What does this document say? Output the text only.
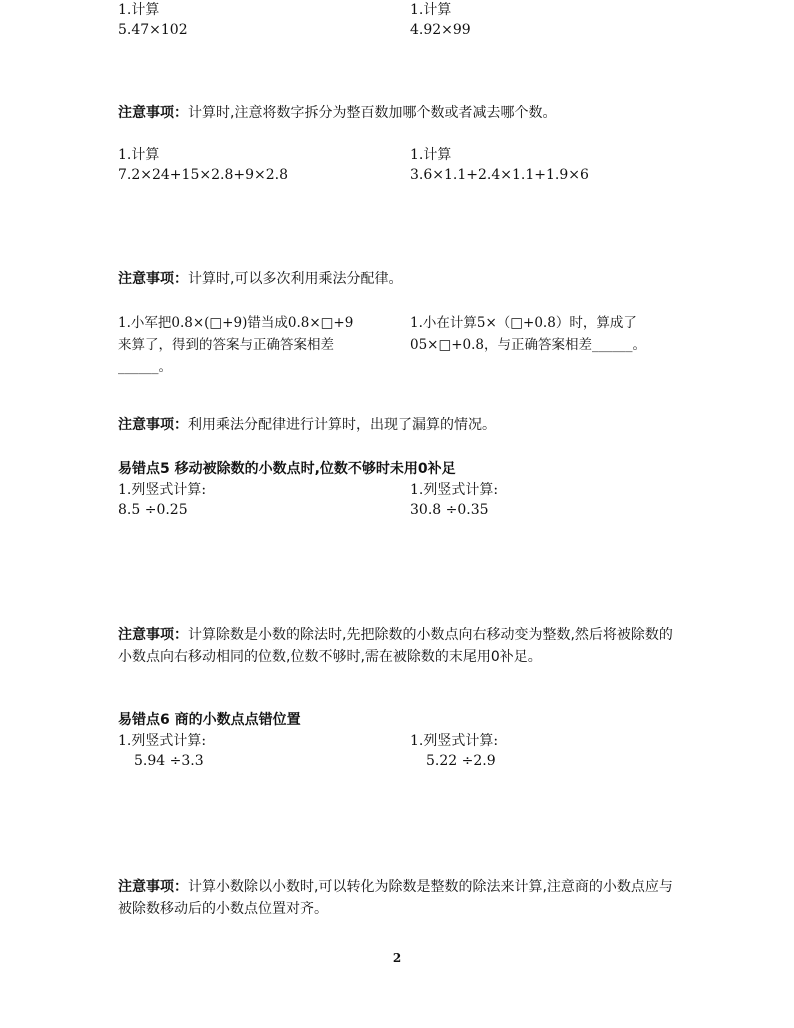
1.计算
5.47×102
1.计算
4.92×99
注意事项：计算时,注意将数字拆分为整百数加哪个数或者减去哪个数。
1.计算
7.2×24+15×2.8+9×2.8
1.计算
3.6×1.1+2.4×1.1+1.9×6
注意事项：计算时,可以多次利用乘法分配律。
1.小军把0.8×(□+9)错当成0.8×□+9
来算了，得到的答案与正确答案相差
______。
1.小在计算5×（□+0.8）时，算成了
05×□+0.8，与正确答案相差______。
注意事项：利用乘法分配律进行计算时，出现了漏算的情况。
易错点5 移动被除数的小数点时,位数不够时未用0补足
1.列竖式计算:
8.5 ÷0.25
1.列竖式计算:
30.8 ÷0.35
注意事项：计算除数是小数的除法时,先把除数的小数点向右移动变为整数,然后将被除数的小数点向右移动相同的位数,位数不够时,需在被除数的末尾用0补足。
易错点6 商的小数点点错位置
1.列竖式计算:
5.94 ÷3.3
1.列竖式计算:
5.22 ÷2.9
注意事项：计算小数除以小数时,可以转化为除数是整数的除法来计算,注意商的小数点应与被除数移动后的小数点位置对齐。
2
